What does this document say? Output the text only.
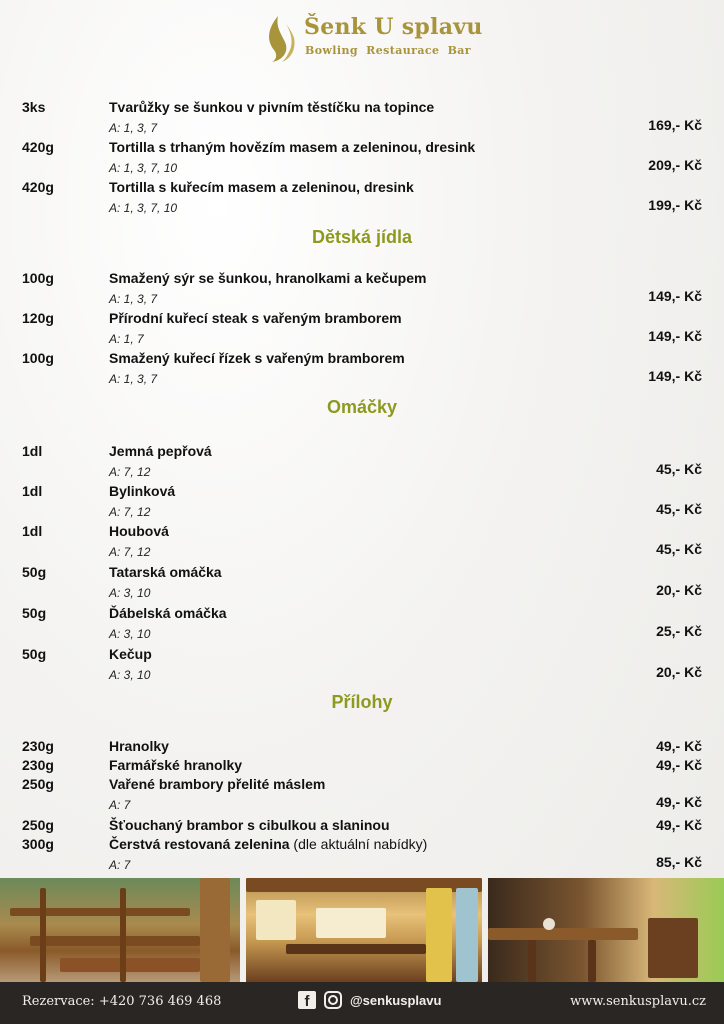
Šenk U splavu
Bowling Restaurace Bar
3ks	Tvarůžky se šunkou v pivním těstíčku na topince
A: 1, 3, 7	169,- Kč
420g	Tortilla s trhaným hovězím masem a zeleninou, dresink
A: 1, 3, 7, 10	209,- Kč
420g	Tortilla s kuřecím masem a zeleninou, dresink
A: 1, 3, 7, 10	199,- Kč
Dětská jídla
100g	Smažený sýr se šunkou, hranolkami a kečupem
A: 1, 3, 7	149,- Kč
120g	Přírodní kuřecí steak s vařeným bramborem
A: 1, 7	149,- Kč
100g	Smažený kuřecí řízek s vařeným bramborem
A: 1, 3, 7	149,- Kč
Omáčky
1dl	Jemná pepřová
A: 7, 12	45,- Kč
1dl	Bylinková
A: 7, 12	45,- Kč
1dl	Houbová
A: 7, 12	45,- Kč
50g	Tatarská omáčka
A: 3, 10	20,- Kč
50g	Ďábelská omáčka
A: 3, 10	25,- Kč
50g	Kečup
A: 3, 10	20,- Kč
Přílohy
230g	Hranolky	49,- Kč
230g	Farmářské hranolky	49,- Kč
250g	Vařené brambory přelité máslem
A: 7	49,- Kč
250g	Šťouchaný brambor s cibulkou a slaninou	49,- Kč
300g	Čerstvá restovaná zelenina (dle aktuální nabídky)
A: 7	85,- Kč
Rezervace: +420 736 469 468	f	@senkusplavu	www.senkusplavu.cz
